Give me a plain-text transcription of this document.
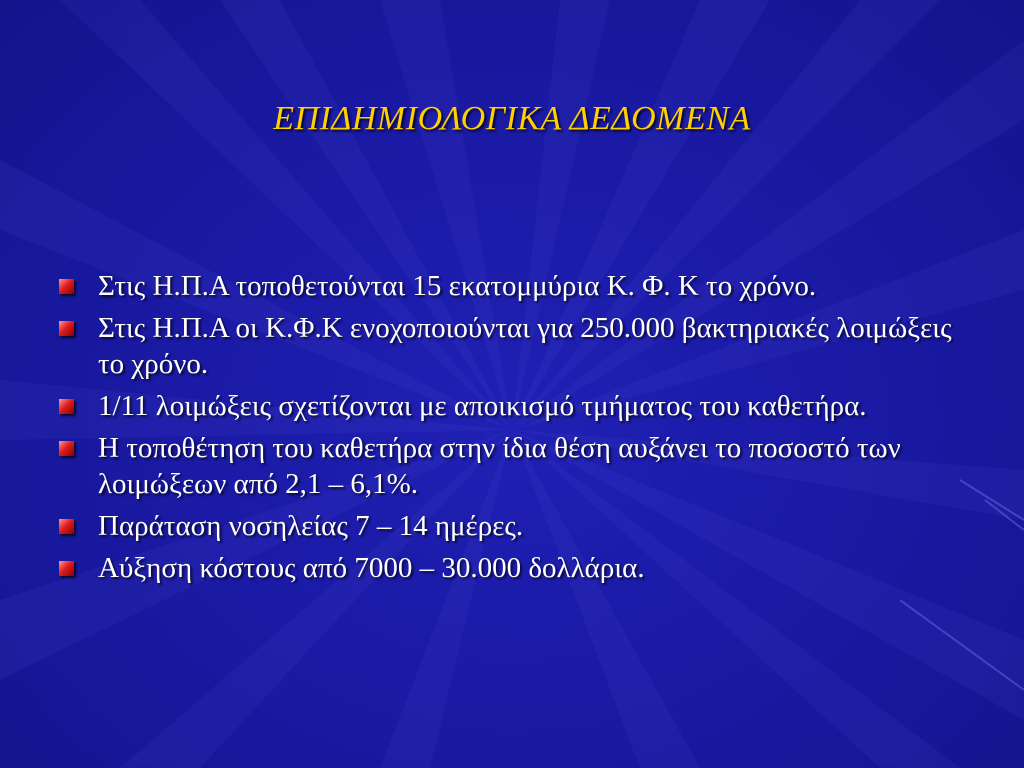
ΕΠΙΔΗΜΙΟΛΟΓΙΚΑ ΔΕΔΟΜΕΝΑ
Στις Η.Π.Α τοποθετούνται 15 εκατομμύρια Κ. Φ. Κ το χρόνο.
Στις Η.Π.Α οι Κ.Φ.Κ ενοχοποιούνται για 250.000 βακτηριακές λοιμώξεις το χρόνο.
1/11 λοιμώξεις σχετίζονται με αποικισμό τμήματος του καθετήρα.
Η τοποθέτηση του καθετήρα στην ίδια θέση αυξάνει το ποσοστό των λοιμώξεων από 2,1 – 6,1%.
Παράταση νοσηλείας 7 – 14 ημέρες.
Αύξηση κόστους από 7000 – 30.000 δολλάρια.
